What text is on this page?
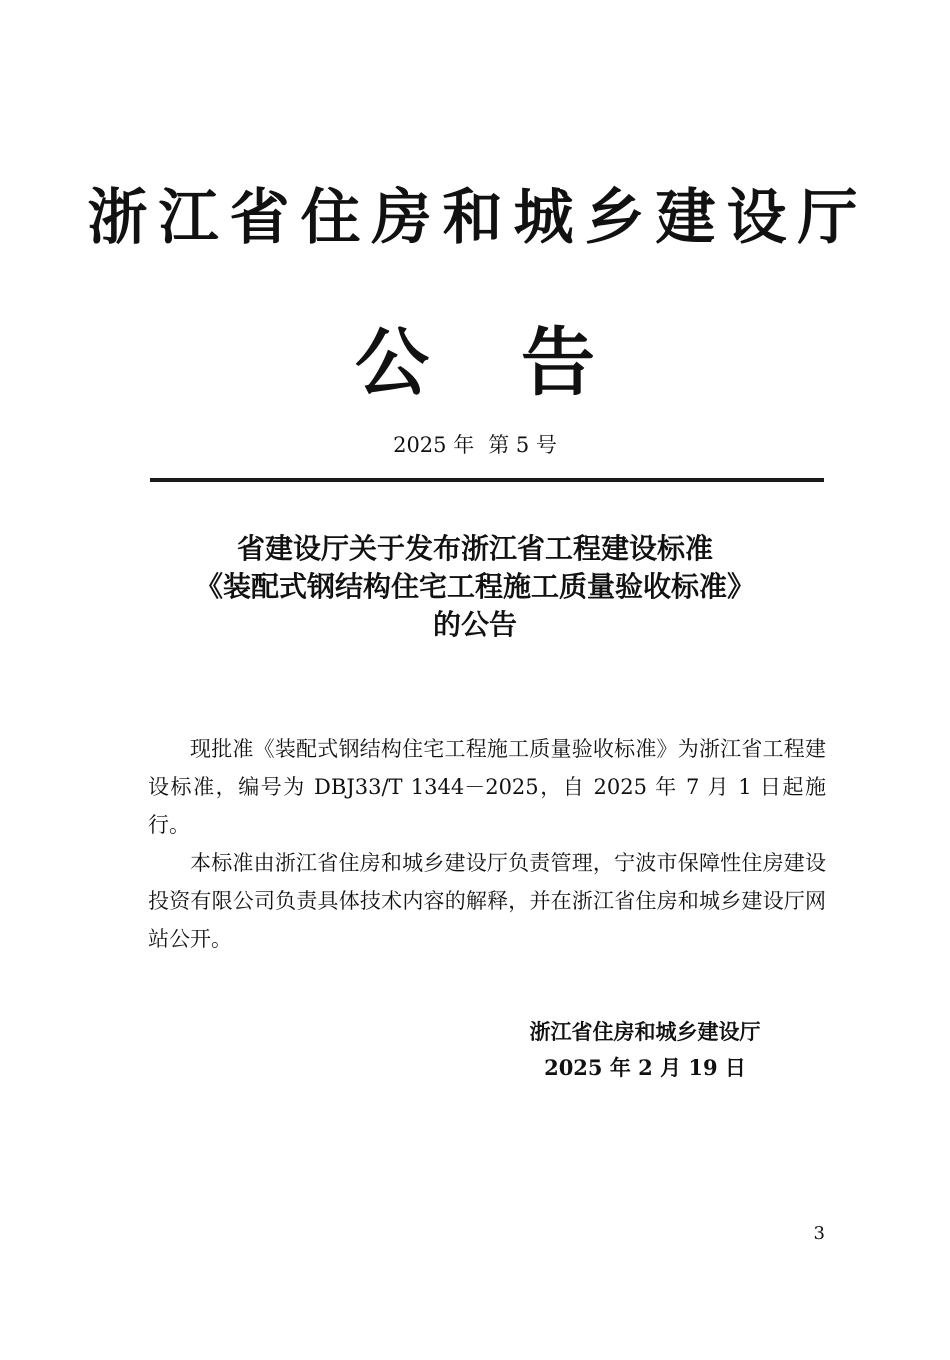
浙江省住房和城乡建设厅
公 告
2025 年 第 5 号
省建设厅关于发布浙江省工程建设标准
《装配式钢结构住宅工程施工质量验收标准》
的公告

现批准《装配式钢结构住宅工程施工质量验收标准》为浙江省工程建设标准，编号为 DBJ33/T 1344－2025，自 2025 年 7 月 1 日起施行。

本标准由浙江省住房和城乡建设厅负责管理，宁波市保障性住房建设投资有限公司负责具体技术内容的解释，并在浙江省住房和城乡建设厅网站公开。

浙江省住房和城乡建设厅
2025 年 2 月 19 日
3
